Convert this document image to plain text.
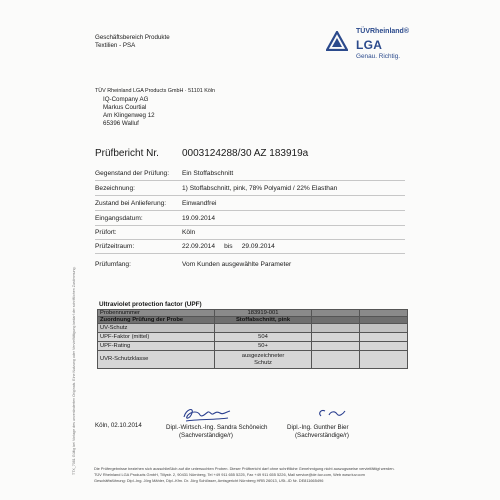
Geschäftsbereich Produkte
Textilien - PSA
TÜVRheinland®
LGA
Genau. Richtig.
TÜV Rheinland LGA Products GmbH · 51101 Köln
IQ-Company AG
Markus Courtial
Am Klingenweg 12
65396 Walluf
Prüfbericht Nr. 0003124288/30 AZ 183919a
Gegenstand der Prüfung: Ein Stoffabschnitt
Bezeichnung:	1) Stoffabschnitt, pink, 78% Polyamid / 22% Elasthan
Zustand bei Anlieferung: Einwandfrei
Eingangsdatum:	19.09.2014
Prüfort:	Köln
Prüfzeitraum:	22.09.2014     bis     29.09.2014
Prüfumfang:	Vom Kunden ausgewählte Parameter
Ultraviolet protection factor (UPF)
Probennummer	183919-001		
Zuordnung Prüfung der Probe	Stoffabschnitt, pink		
UV-Schutz			
UPF-Faktor (mittel)	504		
UPF-Rating	50+		
UVR-Schutzklasse	ausgezeichneter
Schutz		

Köln, 02.10.2014	Dipl.-Wirtsch.-Ing. Sandra Schöneich
(Sachverständige/r)
Dipl.-Ing. Gunther Bier
(Sachverständige/r)
Die Prüfergebnisse beziehen sich ausschließlich auf die untersuchten Proben. Dieser Prüfbericht darf ohne schriftliche Genehmigung nicht auszugsweise vervielfältigt werden.
TÜV Rheinland LGA Products GmbH, Tillystr. 2, 90431 Nürnberg, Tel +49 911 655 5225, Fax +49 911 655 5226, Mail service@de.tuv.com, Web www.tuv.com
Geschäftsführung: Dipl.-Ing. Jörg Mähler, Dipl.-Kfm. Dr. Jörg Schlösser, Amtsgericht Nürnberg HRB 26013, USt.-ID Nr. DE811665496
TTX_7081 Gültig bei Vorlage des unveränderten Originals. Eine Nutzung oder Vervielfältigung bedarf der schriftlichen Zustimmung.
